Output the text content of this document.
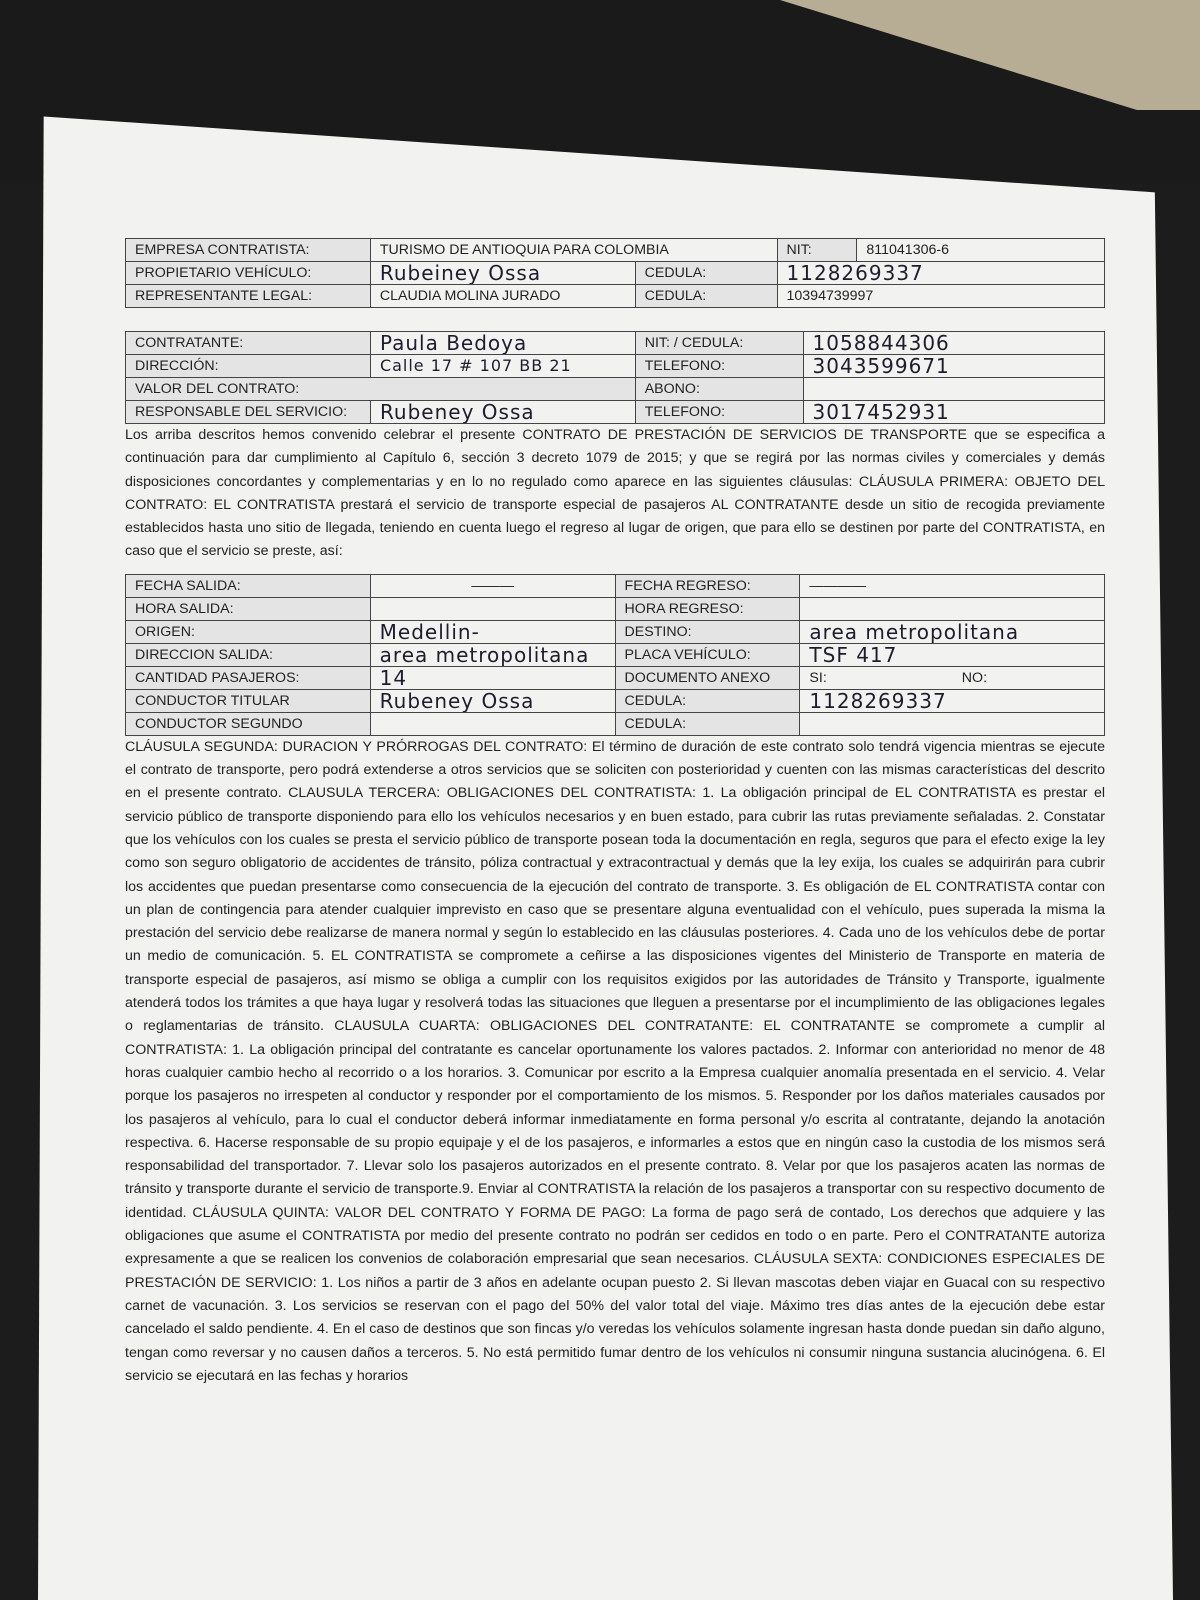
EMPRESA CONTRATISTA:	TURISMO DE ANTIOQUIA PARA COLOMBIA		NIT:	811041306-6
PROPIETARIO VEHÍCULO:	Rubeiney Ossa	CEDULA:	1128269337	
REPRESENTANTE LEGAL:	CLAUDIA MOLINA JURADO	CEDULA:	10394739997	
CONTRATANTE:	Paula Bedoya	NIT: / CEDULA:	1058844306
DIRECCIÓN:	Calle 17 # 107 BB 21	TELEFONO:	3043599671
VALOR DEL CONTRATO:		ABONO:	
RESPONSABLE DEL SERVICIO:	Rubeney Ossa	TELEFONO:	3017452931

Los arriba descritos hemos convenido celebrar el presente CONTRATO DE PRESTACIÓN DE SERVICIOS DE TRANSPORTE que se especifica a continuación para dar cumplimiento al Capítulo 6, sección 3 decreto 1079 de 2015; y que se regirá por las normas civiles y comerciales y demás disposiciones concordantes y complementarias y en lo no regulado como aparece en las siguientes cláusulas: CLÁUSULA PRIMERA: OBJETO DEL CONTRATO: EL CONTRATISTA prestará el servicio de transporte especial de pasajeros AL CONTRATANTE desde un sitio de recogida previamente establecidos hasta uno sitio de llegada, teniendo en cuenta luego el regreso al lugar de origen, que para ello se destinen por parte del CONTRATISTA, en caso que el servicio se preste, así:

FECHA SALIDA:	———	FECHA REGRESO:	————
HORA SALIDA:		HORA REGRESO:	
ORIGEN:	Medellin-	DESTINO:	area metropolitana
DIRECCION SALIDA:	area metropolitana	PLACA VEHÍCULO:	TSF 417
CANTIDAD PASAJEROS:	14	DOCUMENTO ANEXO	SI: NO:
CONDUCTOR TITULAR	Rubeney Ossa	CEDULA:	1128269337
CONDUCTOR SEGUNDO		CEDULA:	

CLÁUSULA SEGUNDA: DURACION Y PRÓRROGAS DEL CONTRATO: El término de duración de este contrato solo tendrá vigencia mientras se ejecute el contrato de transporte, pero podrá extenderse a otros servicios que se soliciten con posterioridad y cuenten con las mismas características del descrito en el presente contrato. CLAUSULA TERCERA: OBLIGACIONES DEL CONTRATISTA: 1. La obligación principal de EL CONTRATISTA es prestar el servicio público de transporte disponiendo para ello los vehículos necesarios y en buen estado, para cubrir las rutas previamente señaladas. 2. Constatar que los vehículos con los cuales se presta el servicio público de transporte posean toda la documentación en regla, seguros que para el efecto exige la ley como son seguro obligatorio de accidentes de tránsito, póliza contractual y extracontractual y demás que la ley exija, los cuales se adquirirán para cubrir los accidentes que puedan presentarse como consecuencia de la ejecución del contrato de transporte. 3. Es obligación de EL CONTRATISTA contar con un plan de contingencia para atender cualquier imprevisto en caso que se presentare alguna eventualidad con el vehículo, pues superada la misma la prestación del servicio debe realizarse de manera normal y según lo establecido en las cláusulas posteriores. 4. Cada uno de los vehículos debe de portar un medio de comunicación. 5. EL CONTRATISTA se compromete a ceñirse a las disposiciones vigentes del Ministerio de Transporte en materia de transporte especial de pasajeros, así mismo se obliga a cumplir con los requisitos exigidos por las autoridades de Tránsito y Transporte, igualmente atenderá todos los trámites a que haya lugar y resolverá todas las situaciones que lleguen a presentarse por el incumplimiento de las obligaciones legales o reglamentarias de tránsito. CLAUSULA CUARTA: OBLIGACIONES DEL CONTRATANTE: EL CONTRATANTE se compromete a cumplir al CONTRATISTA: 1. La obligación principal del contratante es cancelar oportunamente los valores pactados. 2. Informar con anterioridad no menor de 48 horas cualquier cambio hecho al recorrido o a los horarios. 3. Comunicar por escrito a la Empresa cualquier anomalía presentada en el servicio. 4. Velar porque los pasajeros no irrespeten al conductor y responder por el comportamiento de los mismos. 5. Responder por los daños materiales causados por los pasajeros al vehículo, para lo cual el conductor deberá informar inmediatamente en forma personal y/o escrita al contratante, dejando la anotación respectiva. 6. Hacerse responsable de su propio equipaje y el de los pasajeros, e informarles a estos que en ningún caso la custodia de los mismos será responsabilidad del transportador. 7. Llevar solo los pasajeros autorizados en el presente contrato. 8. Velar por que los pasajeros acaten las normas de tránsito y transporte durante el servicio de transporte.9. Enviar al CONTRATISTA la relación de los pasajeros a transportar con su respectivo documento de identidad. CLÁUSULA QUINTA: VALOR DEL CONTRATO Y FORMA DE PAGO: La forma de pago será de contado, Los derechos que adquiere y las obligaciones que asume el CONTRATISTA por medio del presente contrato no podrán ser cedidos en todo o en parte. Pero el CONTRATANTE autoriza expresamente a que se realicen los convenios de colaboración empresarial que sean necesarios. CLÁUSULA SEXTA: CONDICIONES ESPECIALES DE PRESTACIÓN DE SERVICIO: 1. Los niños a partir de 3 años en adelante ocupan puesto 2. Si llevan mascotas deben viajar en Guacal con su respectivo carnet de vacunación. 3. Los servicios se reservan con el pago del 50% del valor total del viaje. Máximo tres días antes de la ejecución debe estar cancelado el saldo pendiente. 4. En el caso de destinos que son fincas y/o veredas los vehículos solamente ingresan hasta donde puedan sin daño alguno, tengan como reversar y no causen daños a terceros. 5. No está permitido fumar dentro de los vehículos ni consumir ninguna sustancia alucinógena. 6. El servicio se ejecutará en las fechas y horarios
